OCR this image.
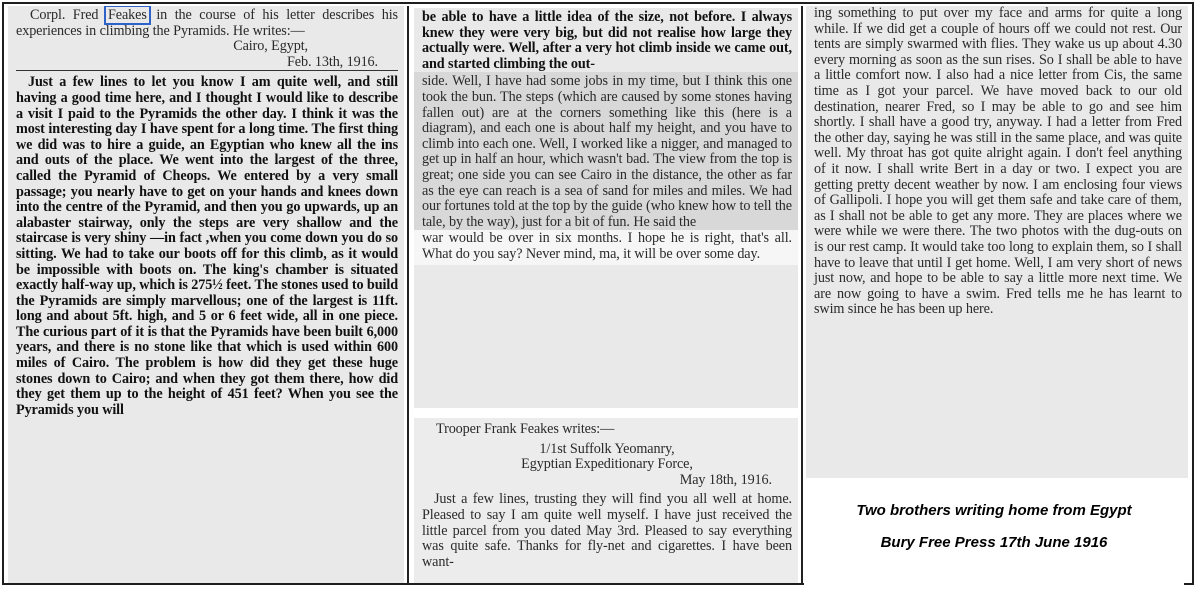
Corpl. Fred Feakes in the course of his letter describes his experiences in climbing the Pyramids. He writes:—

Cairo, Egypt,

Feb. 13th, 1916.

Just a few lines to let you know I am quite well, and still having a good time here, and I thought I would like to describe a visit I paid to the Pyramids the other day. I think it was the most interesting day I have spent for a long time. The first thing we did was to hire a guide, an Egyptian who knew all the ins and outs of the place. We went into the largest of the three, called the Pyramid of Cheops. We entered by a very small passage; you nearly have to get on your hands and knees down into the centre of the Pyramid, and then you go upwards, up an alabaster stairway, only the steps are very shallow and the staircase is very shiny —in fact ,when you come down you do so sitting. We had to take our boots off for this climb, as it would be impossible with boots on. The king's chamber is situated exactly half-way up, which is 275½ feet. The stones used to build the Pyramids are simply marvellous; one of the largest is 11ft. long and about 5ft. high, and 5 or 6 feet wide, all in one piece. The curious part of it is that the Pyramids have been built 6,000 years, and there is no stone like that which is used within 600 miles of Cairo. The problem is how did they get these huge stones down to Cairo; and when they got them there, how did they get them up to the height of 451 feet? When you see the Pyramids you will

be able to have a little idea of the size, not before. I always knew they were very big, but did not realise how large they actually were. Well, after a very hot climb inside we came out, and started climbing the out-

side. Well, I have had some jobs in my time, but I think this one took the bun. The steps (which are caused by some stones having fallen out) are at the corners something like this (here is a diagram), and each one is about half my height, and you have to climb into each one. Well, I worked like a nigger, and managed to get up in half an hour, which wasn't bad. The view from the top is great; one side you can see Cairo in the distance, the other as far as the eye can reach is a sea of sand for miles and miles. We had our fortunes told at the top by the guide (who knew how to tell the tale, by the way), just for a bit of fun. He said the

war would be over in six months. I hope he is right, that's all. What do you say? Never mind, ma, it will be over some day.

Trooper Frank Feakes writes:—

1/1st Suffolk Yeomanry,

Egyptian Expeditionary Force,

May 18th, 1916.

Just a few lines, trusting they will find you all well at home. Pleased to say I am quite well myself. I have just received the little parcel from you dated May 3rd. Pleased to say everything was quite safe. Thanks for fly-net and cigarettes. I have been want-

ing something to put over my face and arms for quite a long while. If we did get a couple of hours off we could not rest. Our tents are simply swarmed with flies. They wake us up about 4.30 every morning as soon as the sun rises. So I shall be able to have a little comfort now. I also had a nice letter from Cis, the same time as I got your parcel. We have moved back to our old destination, nearer Fred, so I may be able to go and see him shortly. I shall have a good try, anyway. I had a letter from Fred the other day, saying he was still in the same place, and was quite well. My throat has got quite alright again. I don't feel anything of it now. I shall write Bert in a day or two. I expect you are getting pretty decent weather by now. I am enclosing four views of Gallipoli. I hope you will get them safe and take care of them, as I shall not be able to get any more. They are places where we were while we were there. The two photos with the dug-outs on is our rest camp. It would take too long to explain them, so I shall have to leave that until I get home. Well, I am very short of news just now, and hope to be able to say a little more next time. We are now going to have a swim. Fred tells me he has learnt to swim since he has been up here.

Two brothers writing home from Egypt
Bury Free Press 17th June 1916
